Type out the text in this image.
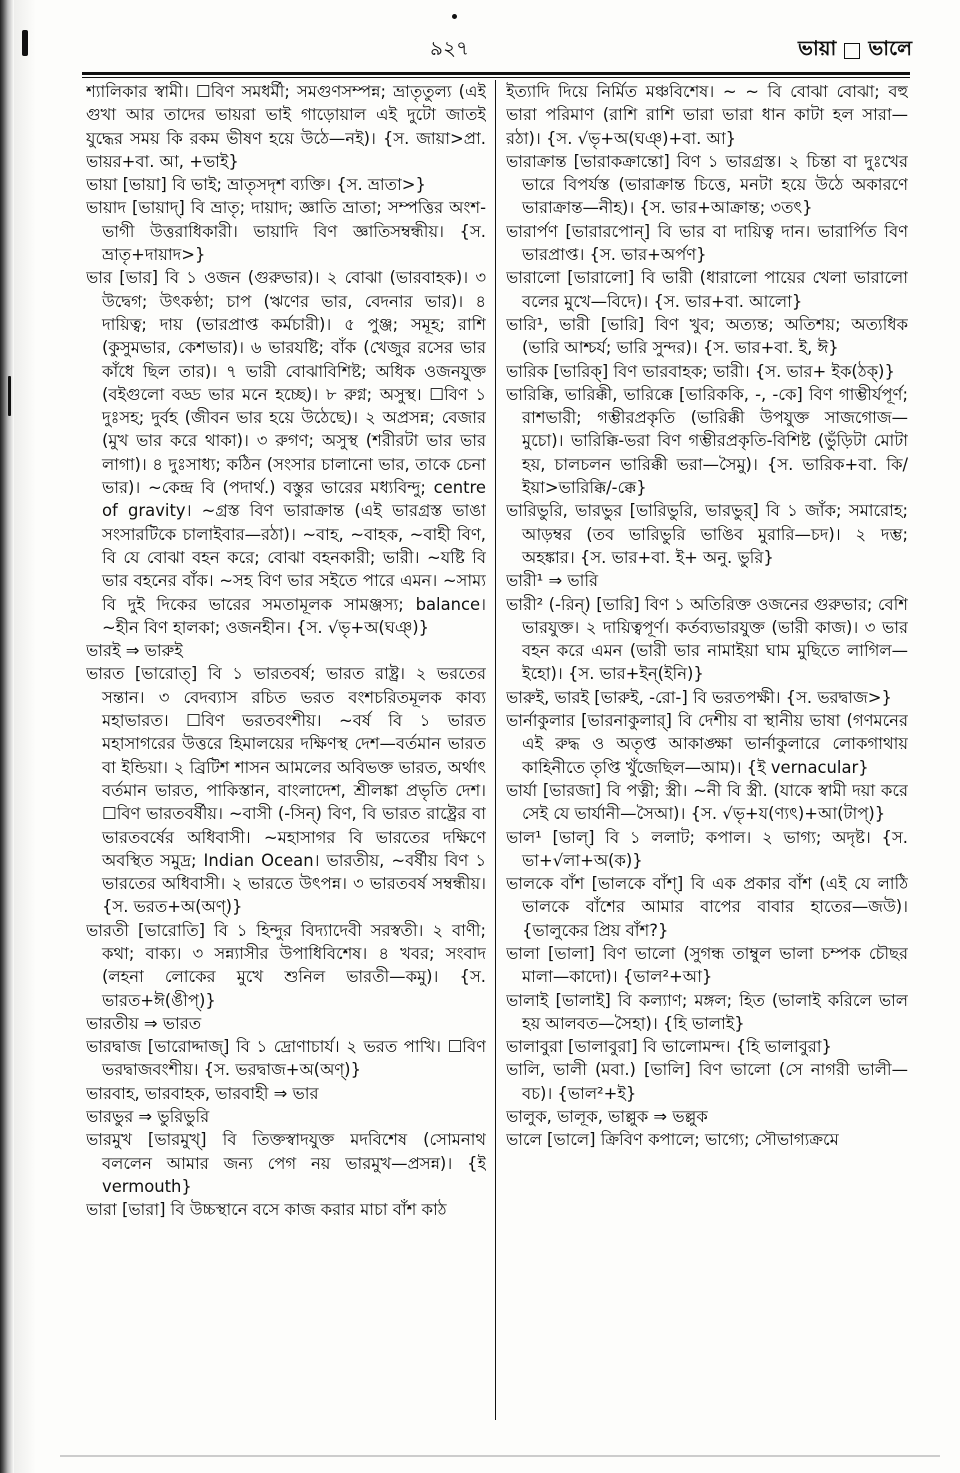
৯২৭	ভায়া ভালে

শ্যালিকার স্বামী। ☐বিণ সমধর্মী; সমগুণসম্পন্ন; ভ্রাতৃতুল্য (এই গুখা আর তাদের ভায়রা ভাই গাড়োয়াল এই দুটো জাতই যুদ্ধের সময় কি রকম ভীষণ হয়ে উঠে—নই)। {স. জায়া>প্রা. ভায়র+বা. আ, +ভাই}

ভায়া [ভায়া] বি ভাই; ভ্রাতৃসদৃশ ব্যক্তি। {স. ভ্রাতা>}

ভায়াদ [ভায়াদ্] বি ভ্রাতৃ; দায়াদ; জ্ঞাতি ভ্রাতা; সম্পত্তির অংশ-ভাগী উত্তরাধিকারী। ভায়াদি বিণ জ্ঞাতিসম্বন্ধীয়। {স. ভ্রাতৃ+দায়াদ>}

ভার [ভার] বি ১ ওজন (গুরুভার)। ২ বোঝা (ভারবাহক)। ৩ উদ্বেগ; উৎকণ্ঠা; চাপ (ঋণের ভার, বেদনার ভার)। ৪ দায়িত্ব; দায় (ভারপ্রাপ্ত কর্মচারী)। ৫ পুঞ্জ; সমূহ; রাশি (কুসুমভার, কেশভার)। ৬ ভারযষ্টি; বাঁক (খেজুর রসের ভার কাঁধে ছিল তার)। ৭ ভারী বোঝাবিশিষ্ট; অধিক ওজনযুক্ত (বইগুলো বড্ড ভার মনে হচ্ছে)। ৮ রুগ্ন; অসুস্থ। ☐বিণ ১ দুঃসহ; দুর্বহ (জীবন ভার হয়ে উঠেছে)। ২ অপ্রসন্ন; বেজার (মুখ ভার করে থাকা)। ৩ রুগণ; অসুস্থ (শরীরটা ভার ভার লাগা)। ৪ দুঃসাধ্য; কঠিন (সংসার চালানো ভার, তাকে চেনা ভার)। ~কেন্দ্র বি (পদার্থ.) বস্তুর ভারের মধ্যবিন্দু; centre of gravity। ~গ্রস্ত বিণ ভারাক্রান্ত (এই ভারগ্রস্ত ভাঙা সংসারটিকে চালাইবার—রঠা)। ~বাহ, ~বাহক, ~বাহী বিণ, বি যে বোঝা বহন করে; বোঝা বহনকারী; ভারী। ~যষ্টি বি ভার বহনের বাঁক। ~সহ বিণ ভার সইতে পারে এমন। ~সাম্য বি দুই দিকের ভারের সমতামূলক সামঞ্জস্য; balance। ~হীন বিণ হালকা; ওজনহীন। {স. √ভৃ+অ(ঘঞ্)}

ভারই ⇒ ভারুই

ভারত [ভারোত্] বি ১ ভারতবর্ষ; ভারত রাষ্ট্র। ২ ভরতের সন্তান। ৩ বেদব্যাস রচিত ভরত বংশচরিতমূলক কাব্য মহাভারত। ☐বিণ ভরতবংশীয়। ~বর্ষ বি ১ ভারত মহাসাগরের উত্তরে হিমালয়ের দক্ষিণস্থ দেশ—বর্তমান ভারত বা ইন্ডিয়া। ২ ব্রিটিশ শাসন আমলের অবিভক্ত ভারত, অর্থাৎ বর্তমান ভারত, পাকিস্তান, বাংলাদেশ, শ্রীলঙ্কা প্রভৃতি দেশ। ☐বিণ ভারতবর্ষীয়। ~বাসী (-সিন্) বিণ, বি ভারত রাষ্ট্রের বা ভারতবর্ষের অধিবাসী। ~মহাসাগর বি ভারতের দক্ষিণে অবস্থিত সমুদ্র; Indian Ocean। ভারতীয়, ~বর্ষীয় বিণ ১ ভারতের অধিবাসী। ২ ভারতে উৎপন্ন। ৩ ভারতবর্ষ সম্বন্ধীয়। {স. ভরত+অ(অণ্)}

ভারতী [ভারোতি] বি ১ হিন্দুর বিদ্যাদেবী সরস্বতী। ২ বাণী; কথা; বাক্য। ৩ সন্ন্যাসীর উপাধিবিশেষ। ৪ খবর; সংবাদ (লহনা লোকের মুখে শুনিল ভারতী—কমু)। {স. ভারত+ঈ(ঙীপ্)}

ভারতীয় ⇒ ভারত

ভারদ্বাজ [ভারোদ্দাজ্] বি ১ দ্রোণাচার্য। ২ ভরত পাখি। ☐বিণ ভরদ্বাজবংশীয়। {স. ভরদ্বাজ+অ(অণ্)}

ভারবাহ, ভারবাহক, ভারবাহী ⇒ ভার

ভারভুর ⇒ ভুরিভুরি

ভারমুখ [ভারমুখ্] বি তিক্তস্বাদযুক্ত মদবিশেষ (সোমনাথ বললেন আমার জন্য পেগ নয় ভারমুখ—প্রসন্ন)। {ই vermouth}

ভারা [ভারা] বি উচ্চস্থানে বসে কাজ করার মাচা বাঁশ কাঠ

ইত্যাদি দিয়ে নির্মিত মঞ্চবিশেষ। ~ ~ বি বোঝা বোঝা; বহু ভারা পরিমাণ (রাশি রাশি ভারা ভারা ধান কাটা হল সারা—রঠা)। {স. √ভৃ+অ(ঘঞ্)+বা. আ}

ভারাক্রান্ত [ভারাকক্রান্তো] বিণ ১ ভারগ্রস্ত। ২ চিন্তা বা দুঃখের ভারে বিপর্যস্ত (ভারাক্রান্ত চিত্তে, মনটা হয়ে উঠে অকারণে ভারাক্রান্ত—নীহ)। {স. ভার+আক্রান্ত; ৩তৎ}

ভারার্পণ [ভারারপোন্] বি ভার বা দায়িত্ব দান। ভারার্পিত বিণ ভারপ্রাপ্ত। {স. ভার+অর্পণ}

ভারালো [ভারালো] বি ভারী (ধারালো পায়ের খেলা ভারালো বলের মুখে—বিদে)। {স. ভার+বা. আলো}

ভারি¹, ভারী [ভারি] বিণ খুব; অত্যন্ত; অতিশয়; অত্যধিক (ভারি আশ্চর্য; ভারি সুন্দর)। {স. ভার+বা. ই, ঈ}

ভারিক [ভারিক্] বিণ ভারবাহক; ভারী। {স. ভার+ ইক(ঠক্)}

ভারিক্কি, ভারিক্কী, ভারিক্কে [ভারিককি, -, -কে] বিণ গাম্ভীর্যপূর্ণ; রাশভারী; গম্ভীরপ্রকৃতি (ভারিক্কী উপযুক্ত সাজগোজ—মুচো)। ভারিক্কি-ভরা বিণ গম্ভীরপ্রকৃতি-বিশিষ্ট (ভুঁড়িটা মোটা হয়, চালচলন ভারিক্কী ভরা—সৈমু)। {স. ভারিক+বা. কি/ইয়া>ভারিক্কি/-ক্কে}

ভারিভুরি, ভারভুর [ভারিভুরি, ভারভুর্] বি ১ জাঁক; সমারোহ; আড়ম্বর (তব ভারিভুরি ভাঙিব মুরারি—চদ)। ২ দম্ভ; অহঙ্কার। {স. ভার+বা. ই+ অনু. ভুরি}

ভারী¹ ⇒ ভারি

ভারী² (-রিন্) [ভারি] বিণ ১ অতিরিক্ত ওজনের গুরুভার; বেশি ভারযুক্ত। ২ দায়িত্বপূর্ণ। কর্তব্যভারযুক্ত (ভারী কাজ)। ৩ ভার বহন করে এমন (ভারী ভার নামাইয়া ঘাম মুছিতে লাগিল—ইহো)। {স. ভার+ইন্(ইনি)}

ভারুই, ভারই [ভারুই, -রো-] বি ভরতপক্ষী। {স. ভরদ্বাজ>}

ভার্নাকুলার [ভারনাকুলার্] বি দেশীয় বা স্থানীয় ভাষা (গণমনের এই রুদ্ধ ও অতৃপ্ত আকাঙ্ক্ষা ভার্নাকুলারে লোকগাথায় কাহিনীতে তৃপ্তি খুঁজেছিল—আম)। {ই vernacular}

ভার্যা [ভারজা] বি পত্নী; স্ত্রী। ~নী বি স্ত্রী. (যাকে স্বামী দয়া করে সেই যে ভার্যানী—সৈআ)। {স. √ভৃ+য(ণ্যৎ)+আ(টাপ্)}

ভাল¹ [ভাল্] বি ১ ললাট; কপাল। ২ ভাগ্য; অদৃষ্ট। {স. ভা+√লা+অ(ক)}

ভালকে বাঁশ [ভালকে বাঁশ্] বি এক প্রকার বাঁশ (এই যে লাঠি ভালকে বাঁশের আমার বাপের বাবার হাতের—জউ)। {ভালুকের প্রিয় বাঁশ?}

ভালা [ভালা] বিণ ভালো (সুগন্ধ তাম্বুল ভালা চম্পক চৌছর মালা—কাদো)। {ভাল²+আ}

ভালাই [ভালাই] বি কল্যাণ; মঙ্গল; হিত (ভালাই করিলে ভাল হয় আলবত—সৈহা)। {হি ভালাই}

ভালাবুরা [ভালাবুরা] বি ভালোমন্দ। {হি ভালাবুরা}

ভালি, ভালী (মবা.) [ভালি] বিণ ভালো (সে নাগরী ভালী—বচ)। {ভাল²+ই}

ভালুক, ভালূক, ভাল্লুক ⇒ ভল্লুক

ভালে [ভালে] ক্রিবিণ কপালে; ভাগ্যে; সৌভাগ্যক্রমে
